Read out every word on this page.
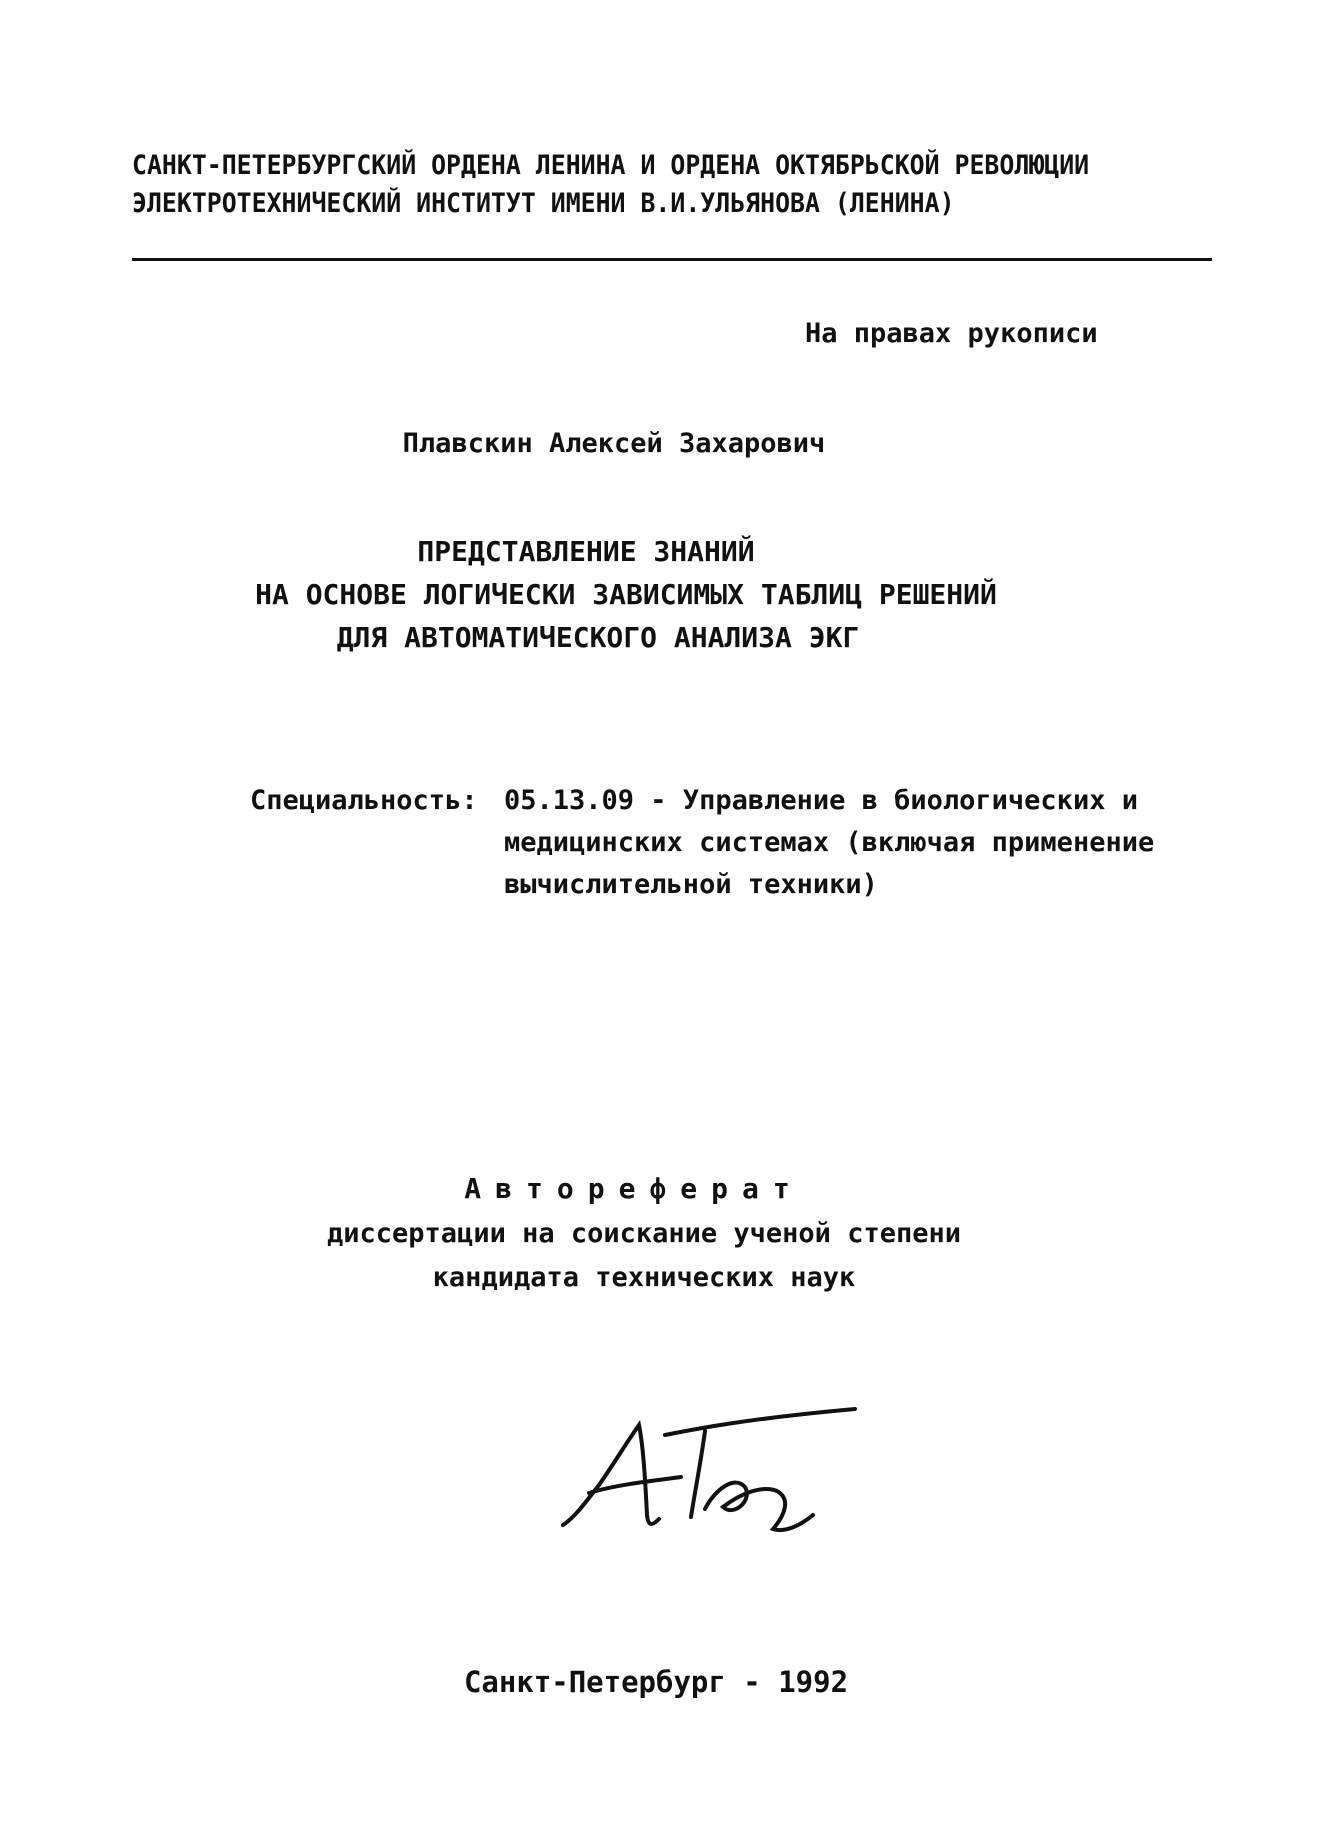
САНКТ-ПЕТЕРБУРГСКИЙ ОРДЕНА ЛЕНИНА И ОРДЕНА ОКТЯБРЬСКОЙ РЕВОЛЮЦИИ
ЭЛЕКТРОТЕХНИЧЕСКИЙ ИНСТИТУТ ИМЕНИ В.И.УЛЬЯНОВА (ЛЕНИНА)
На правах рукописи
Плавскин Алексей Захарович
ПРЕДСТАВЛЕНИЕ ЗНАНИЙ
НА ОСНОВЕ ЛОГИЧЕСКИ ЗАВИСИМЫХ ТАБЛИЦ РЕШЕНИЙ
ДЛЯ АВТОМАТИЧЕСКОГО АНАЛИЗА ЭКГ
Специальность: 05.13.09 - Управление в биологических и
медицинских системах (включая применение
вычислительной техники)
Автореферат
диссертации на соискание ученой степени
кандидата технических наук
Санкт-Петербург - 1992
